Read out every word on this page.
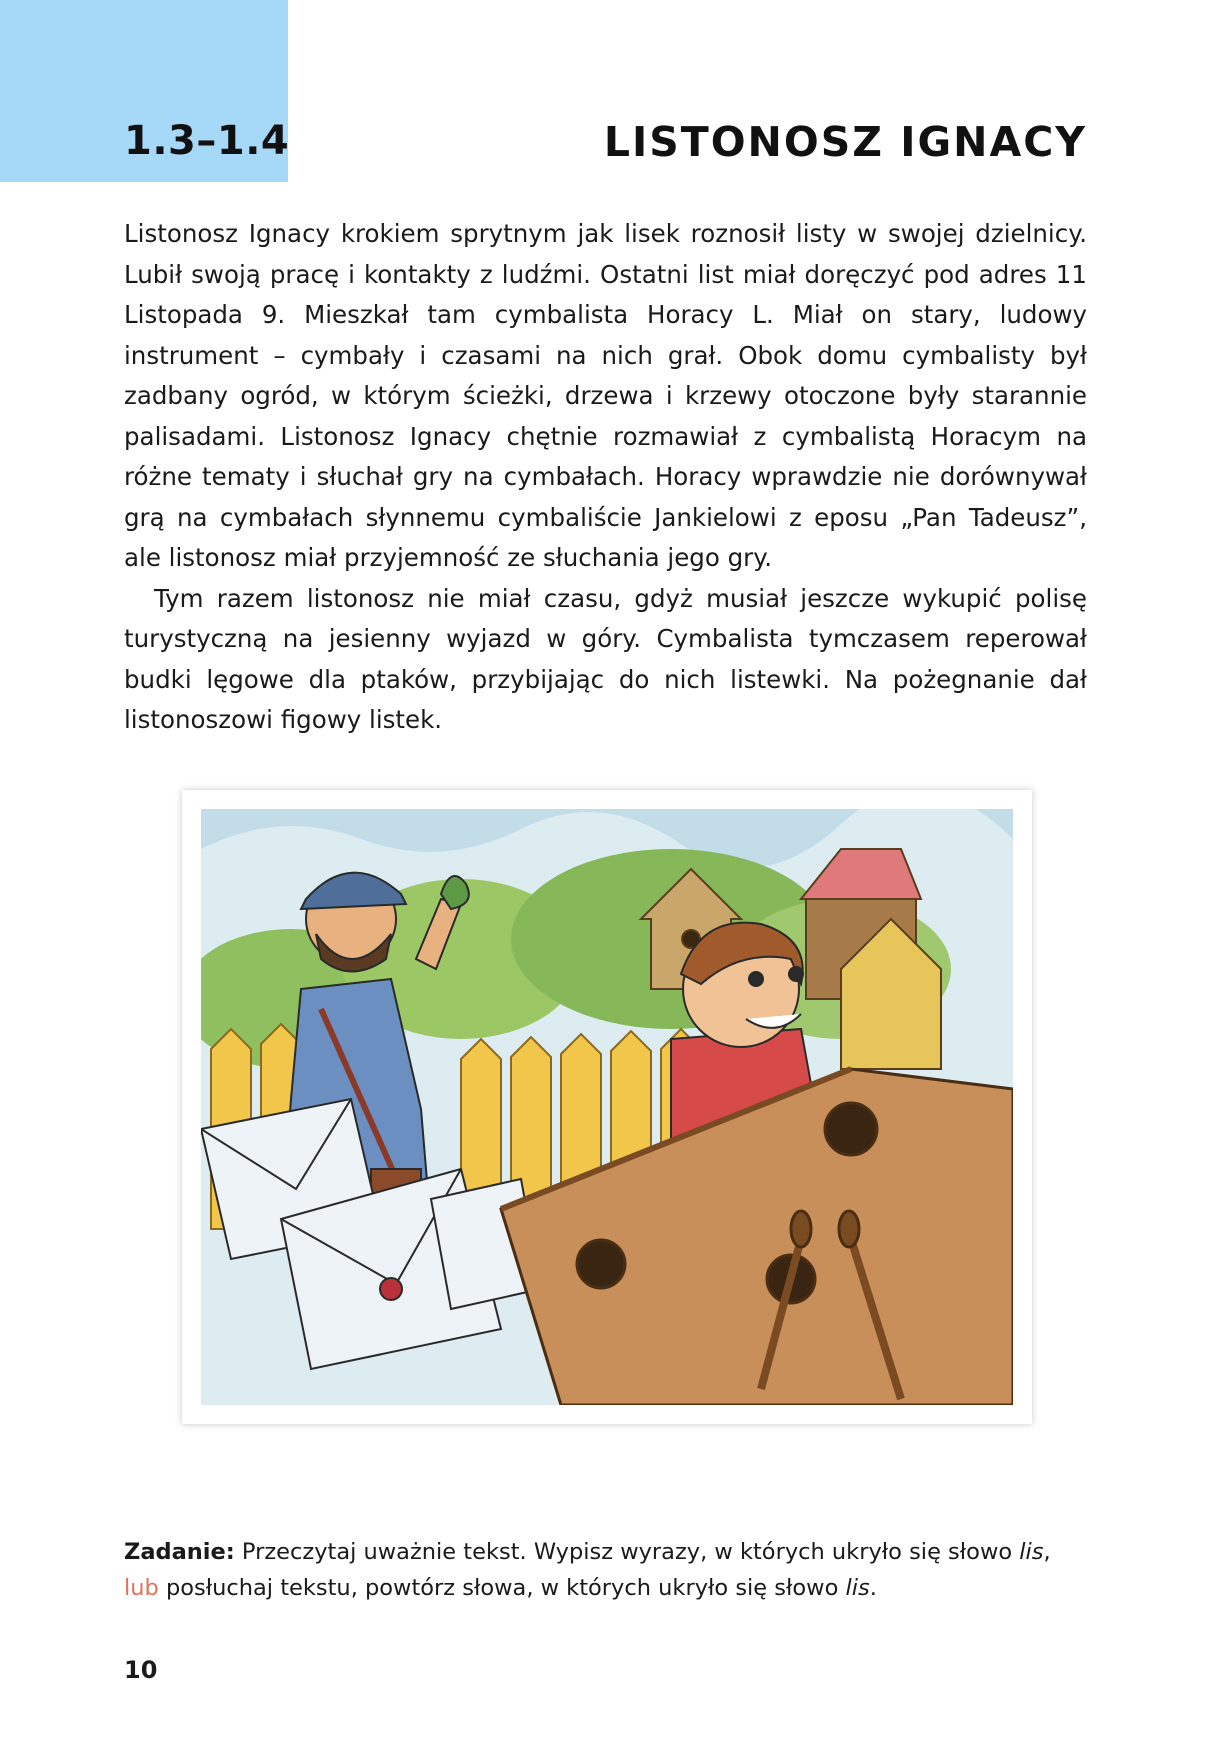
1.3–1.4	LISTONOSZ IGNACY

Listonosz Ignacy krokiem sprytnym jak lisek roznosił listy w swojej dzielnicy. Lubił swoją pracę i kontakty z ludźmi. Ostatni list miał doręczyć pod adres 11 Listopada 9. Mieszkał tam cymbalista Horacy L. Miał on stary, ludowy instrument – cymbały i czasami na nich grał. Obok domu cymbalisty był zadbany ogród, w którym ścieżki, drzewa i krzewy otoczone były starannie palisadami. Listonosz Ignacy chętnie rozmawiał z cymbalistą Horacym na różne tematy i słuchał gry na cymbałach. Horacy wprawdzie nie dorównywał grą na cymbałach słynnemu cymbaliście Jankielowi z eposu „Pan Tadeusz”, ale listonosz miał przyjemność ze słuchania jego gry.

Tym razem listonosz nie miał czasu, gdyż musiał jeszcze wykupić polisę turystyczną na jesienny wyjazd w góry. Cymbalista tymczasem reperował budki lęgowe dla ptaków, przybijając do nich listewki. Na pożegnanie dał listonoszowi figowy listek.

Zadanie: Przeczytaj uważnie tekst. Wypisz wyrazy, w których ukryło się słowo lis,
lub posłuchaj tekstu, powtórz słowa, w których ukryło się słowo lis.
10
